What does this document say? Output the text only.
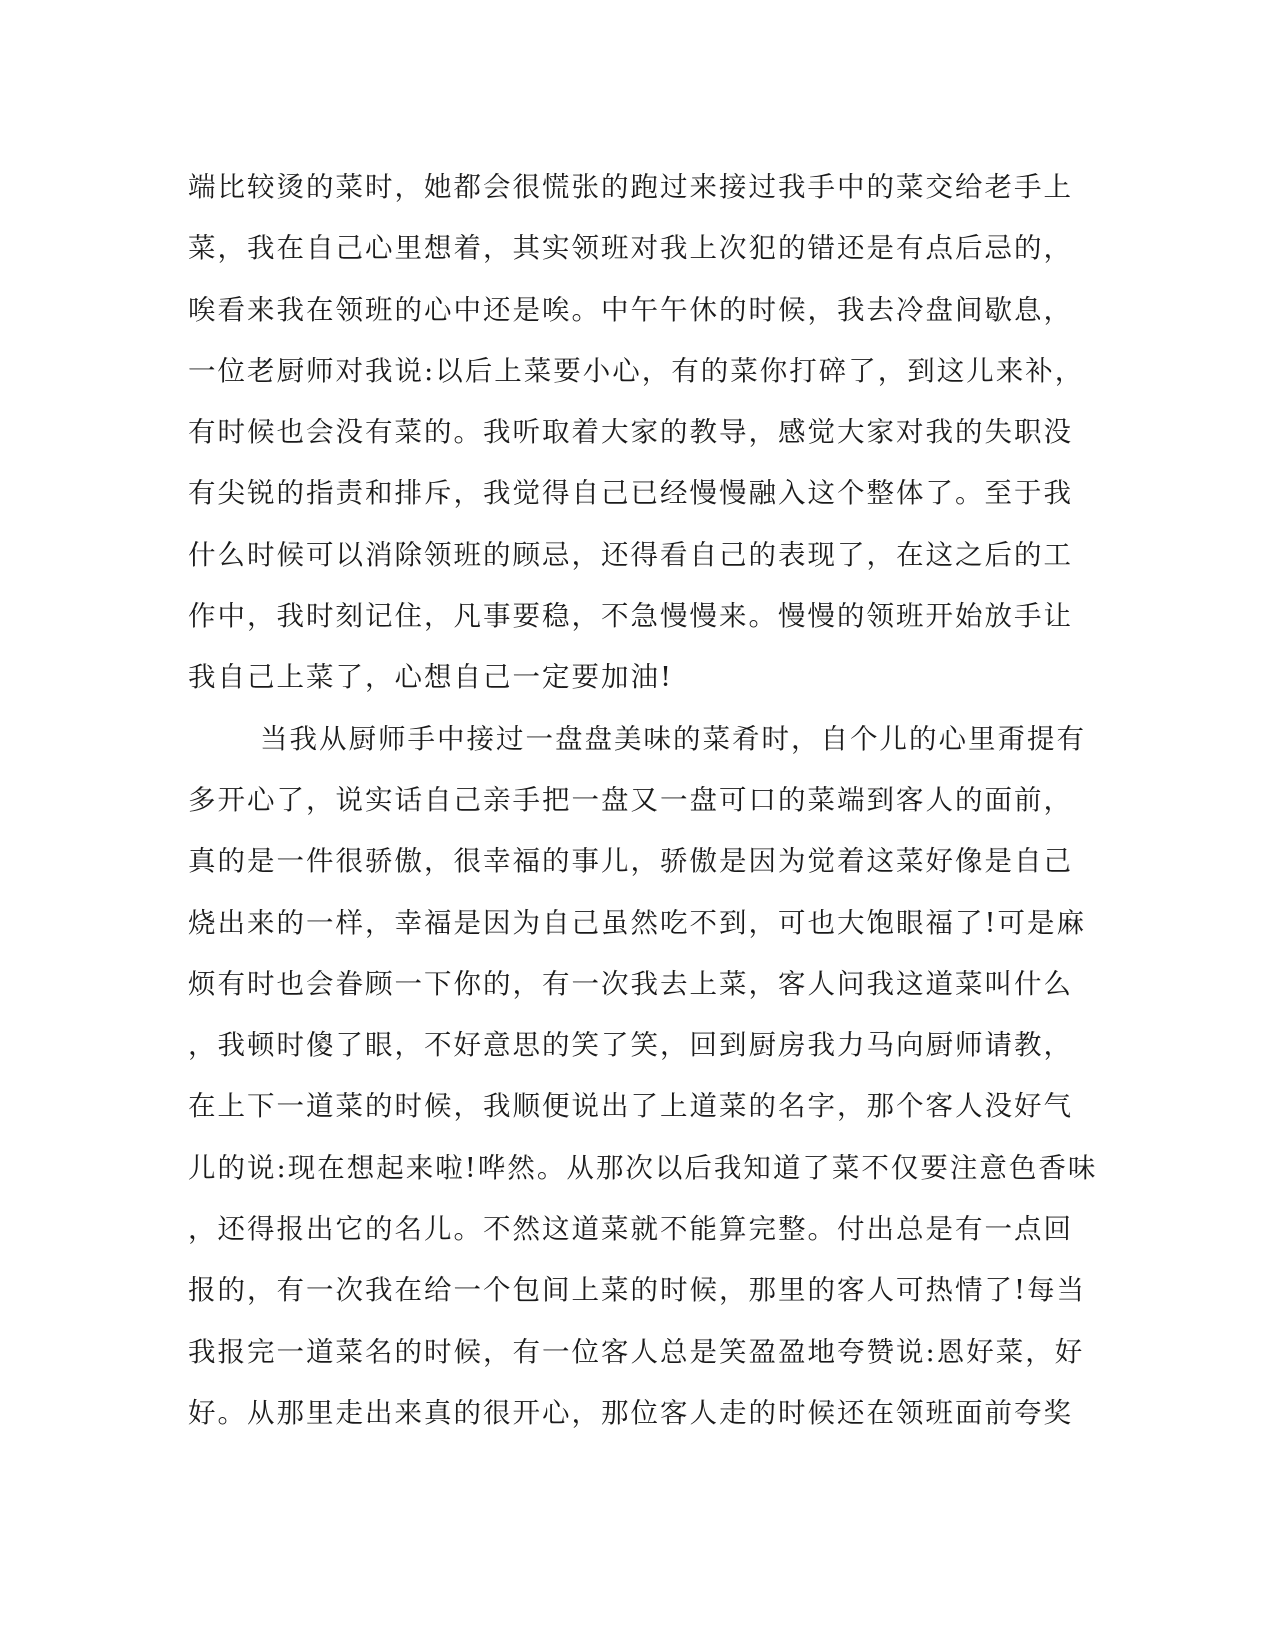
端比较烫的菜时，她都会很慌张的跑过来接过我手中的菜交给老手上
菜，我在自己心里想着，其实领班对我上次犯的错还是有点后忌的，
唉看来我在领班的心中还是唉。中午午休的时候，我去冷盘间歇息，
一位老厨师对我说:以后上菜要小心，有的菜你打碎了，到这儿来补，
有时候也会没有菜的。我听取着大家的教导，感觉大家对我的失职没
有尖锐的指责和排斥，我觉得自己已经慢慢融入这个整体了。至于我
什么时候可以消除领班的顾忌，还得看自己的表现了，在这之后的工
作中，我时刻记住，凡事要稳，不急慢慢来。慢慢的领班开始放手让
我自己上菜了，心想自己一定要加油!
当我从厨师手中接过一盘盘美味的菜肴时，自个儿的心里甭提有
多开心了，说实话自己亲手把一盘又一盘可口的菜端到客人的面前，
真的是一件很骄傲，很幸福的事儿，骄傲是因为觉着这菜好像是自己
烧出来的一样，幸福是因为自己虽然吃不到，可也大饱眼福了!可是麻
烦有时也会眷顾一下你的，有一次我去上菜，客人问我这道菜叫什么
，我顿时傻了眼，不好意思的笑了笑，回到厨房我力马向厨师请教，
在上下一道菜的时候，我顺便说出了上道菜的名字，那个客人没好气
儿的说:现在想起来啦!哗然。从那次以后我知道了菜不仅要注意色香味
，还得报出它的名儿。不然这道菜就不能算完整。付出总是有一点回
报的，有一次我在给一个包间上菜的时候，那里的客人可热情了!每当
我报完一道菜名的时候，有一位客人总是笑盈盈地夸赞说:恩好菜，好
好。从那里走出来真的很开心，那位客人走的时候还在领班面前夸奖
